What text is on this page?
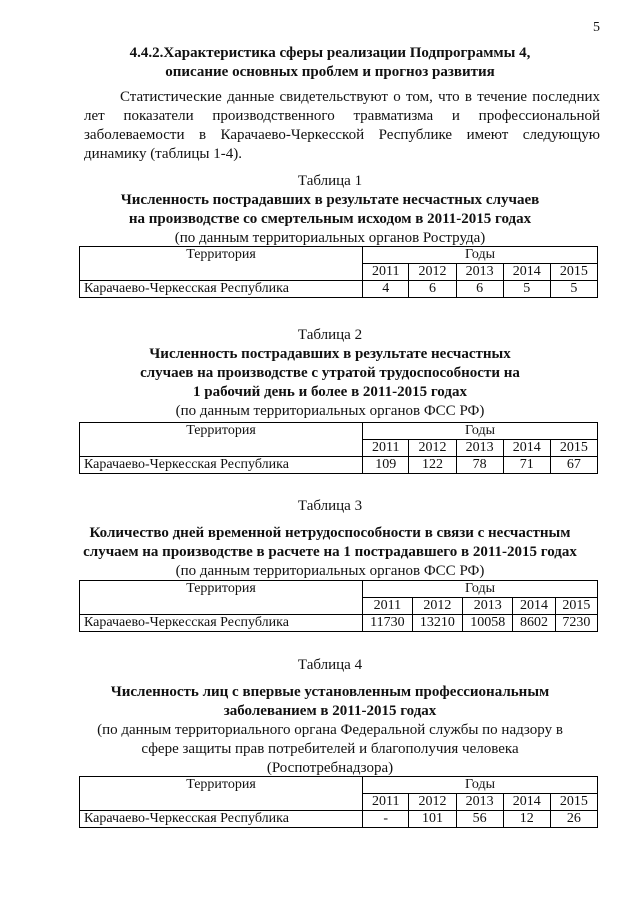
5
4.4.2.Характеристика сферы реализации Подпрограммы 4,
описание основных проблем и прогноз развития
Статистические данные свидетельствуют о том, что в течение последних лет показатели производственного травматизма и профессиональной заболеваемости в Карачаево-Черкесской Республике имеют следующую динамику (таблицы 1-4).
Таблица 1
Численность пострадавших в результате несчастных случаев
на производстве со смертельным исходом в 2011-2015 годах
(по данным территориальных органов Роструда)
Территория	Годы				
	2011	2012	2013	2014	2015
Карачаево-Черкесская Республика	4	6	6	5	5
Таблица 2
Численность пострадавших в результате несчастных
случаев на производстве с утратой трудоспособности на
1 рабочий день и более в 2011-2015 годах
(по данным территориальных органов ФСС РФ)
Территория	Годы				
	2011	2012	2013	2014	2015
Карачаево-Черкесская Республика	109	122	78	71	67
Таблица 3
Количество дней временной нетрудоспособности в связи с несчастным
случаем на производстве в расчете на 1 пострадавшего в 2011-2015 годах
(по данным территориальных органов ФСС РФ)
Территория	Годы				
	2011	2012	2013	2014	2015
Карачаево-Черкесская Республика	11730	13210	10058	8602	7230
Таблица 4
Численность лиц с впервые установленным профессиональным
заболеванием в 2011-2015 годах
(по данным территориального органа Федеральной службы по надзору в
сфере защиты прав потребителей и благополучия человека
(Роспотребнадзора)
Территория	Годы				
	2011	2012	2013	2014	2015
Карачаево-Черкесская Республика	-	101	56	12	26
